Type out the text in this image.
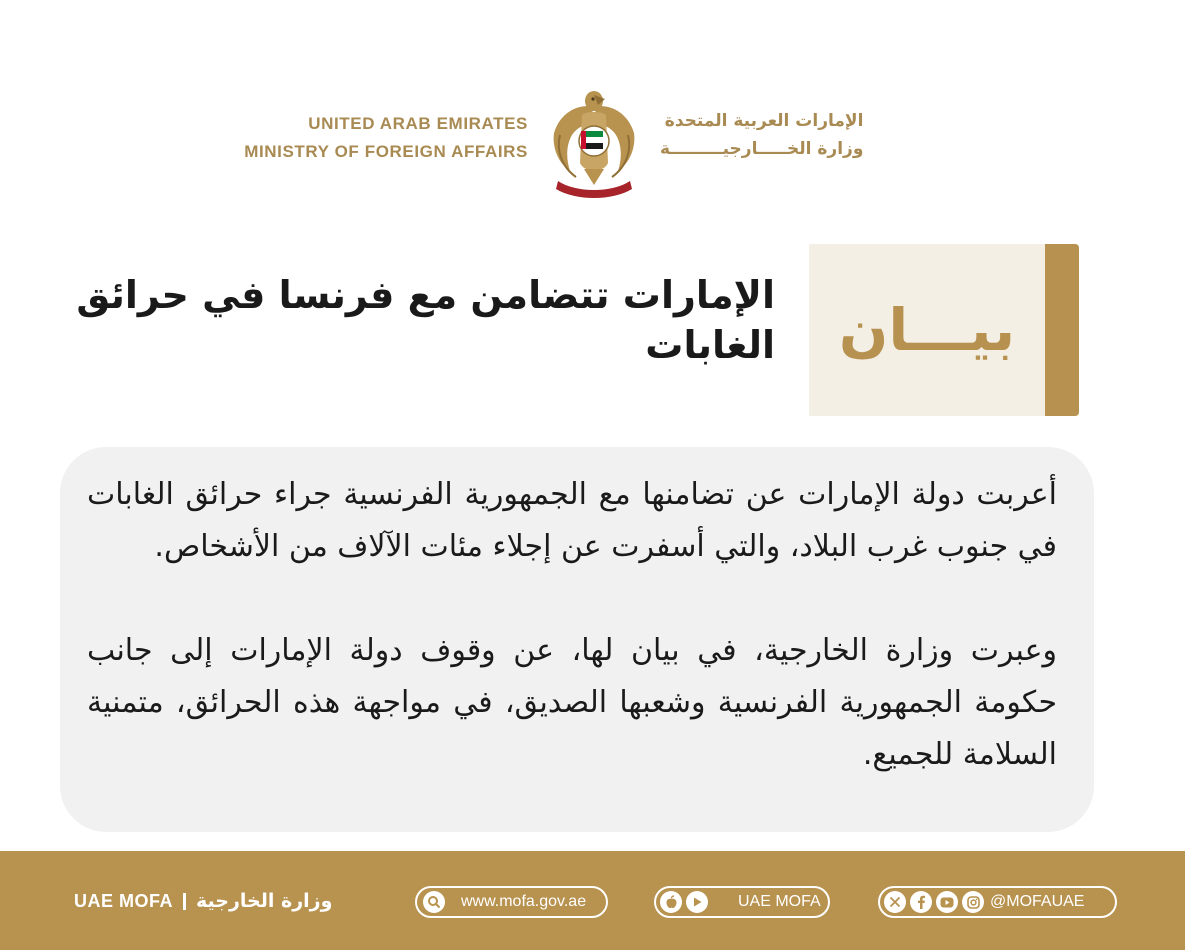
UNITED ARAB EMIRATES
MINISTRY OF FOREIGN AFFAIRS
الإمارات العربية المتحدة
وزارة الخـــــارجيـــــــــة
الإمارات تتضامن مع فرنسا في حرائق الغابات	بيـــان

أعربت دولة الإمارات عن تضامنها مع الجمهورية الفرنسية جراء حرائق الغابات في جنوب غرب البلاد، والتي أسفرت عن إجلاء مئات الآلاف من الأشخاص.

وعبرت وزارة الخارجية، في بيان لها، عن وقوف دولة الإمارات إلى جانب حكومة الجمهورية الفرنسية وشعبها الصديق، في مواجهة هذه الحرائق، متمنية السلامة للجميع.

UAE MOFA وزارة الخارجية	www.mofa.gov.ae	UAE MOFA	@MOFAUAE
